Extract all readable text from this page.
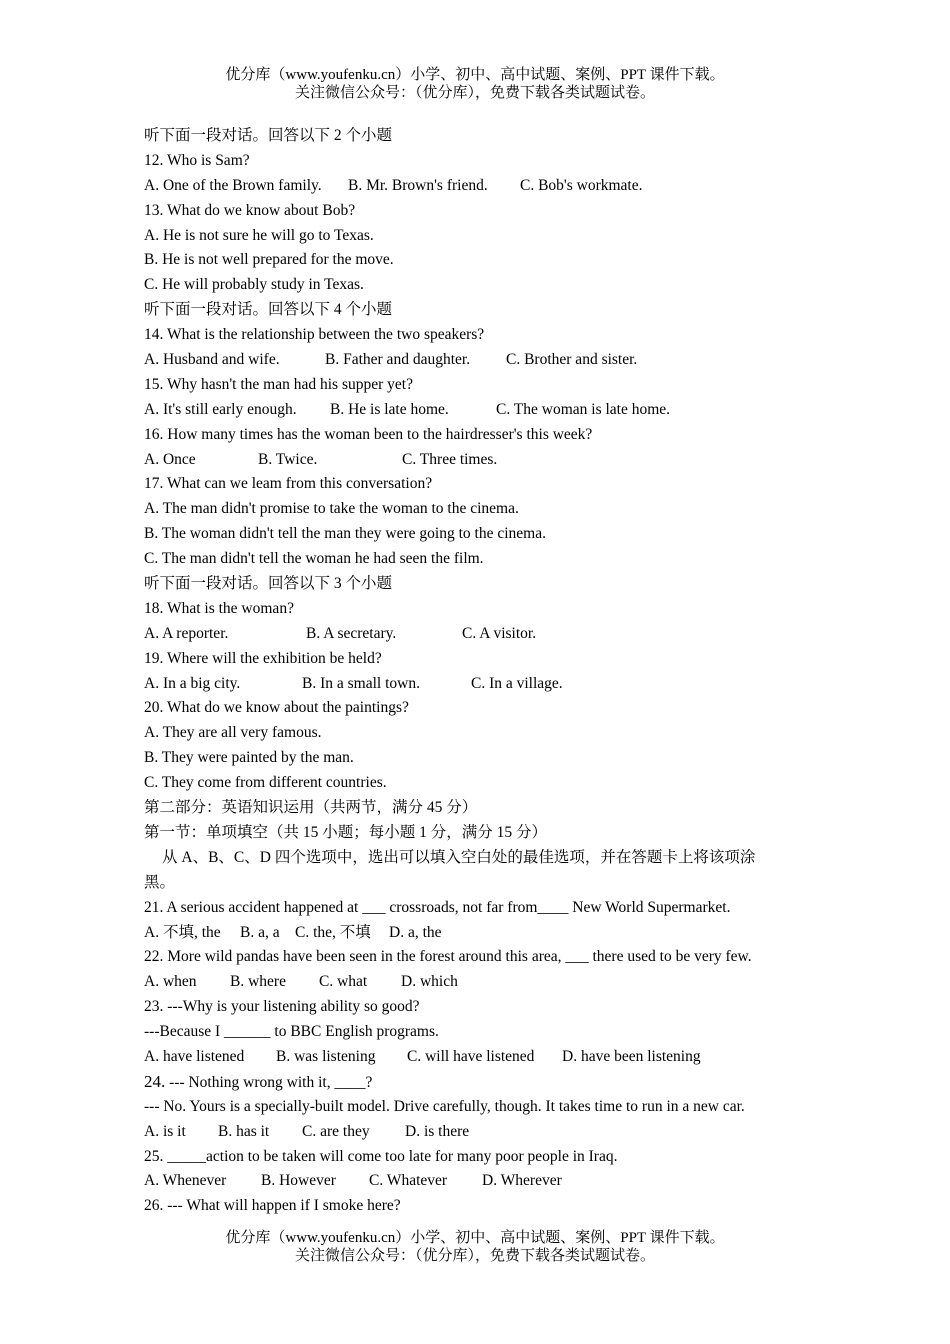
优分库（www.youfenku.cn）小学、初中、高中试题、案例、PPT 课件下载。
关注微信公众号：（优分库），免费下载各类试题试卷。
听下面一段对话。回答以下 2 个小题
12. Who is Sam?
A. One of the Brown family. B. Mr. Brown's friend. C. Bob's workmate.
13. What do we know about Bob?
A. He is not sure he will go to Texas.
B. He is not well prepared for the move.
C. He will probably study in Texas.
听下面一段对话。回答以下 4 个小题
14. What is the relationship between the two speakers?
A. Husband and wife.	B. Father and daughter. C. Brother and sister.
15. Why hasn't the man had his supper yet?
A. It's still early enough. B. He is late home.	C. The woman is late home.
16. How many times has the woman been to the hairdresser's this week?
A. Once	B. Twice.	C. Three times.
17. What can we leam from this conversation?
A. The man didn't promise to take the woman to the cinema.
B. The woman didn't tell the man they were going to the cinema.
C. The man didn't tell the woman he had seen the film.
听下面一段对话。回答以下 3 个小题
18. What is the woman?
A. A reporter.	B. A secretary.	C. A visitor.
19. Where will the exhibition be held?
A. In a big city.	B. In a small town.	C. In a village.
20. What do we know about the paintings?
A. They are all very famous.
B. They were painted by the man.
C. They come from different countries.
第二部分：英语知识运用（共两节，满分 45 分）
第一节：单项填空（共 15 小题；每小题 1 分，满分 15 分）
从 A、B、C、D 四个选项中，选出可以填入空白处的最佳选项，并在答题卡上将该项涂
黑。
21. A serious accident happened at ___ crossroads, not far from____ New World Supermarket.
A. 不填, the B. a, a C. the, 不填 D. a, the
22. More wild pandas have been seen in the forest around this area, ___ there used to be very few.
A. when B. where C. what D. which
23. ---Why is your listening ability so good?
---Because I ______ to BBC English programs.
A. have listened B. was listening C. will have listened D. have been listening
24. --- Nothing wrong with it, ____?
--- No. Yours is a specially-built model. Drive carefully, though. It takes time to run in a new car.
A. is it B. has it C. are they D. is there
25. _____action to be taken will come too late for many poor people in Iraq.
A. Whenever B. However C. Whatever D. Wherever
26. --- What will happen if I smoke here?
优分库（www.youfenku.cn）小学、初中、高中试题、案例、PPT 课件下载。
关注微信公众号：（优分库），免费下载各类试题试卷。
